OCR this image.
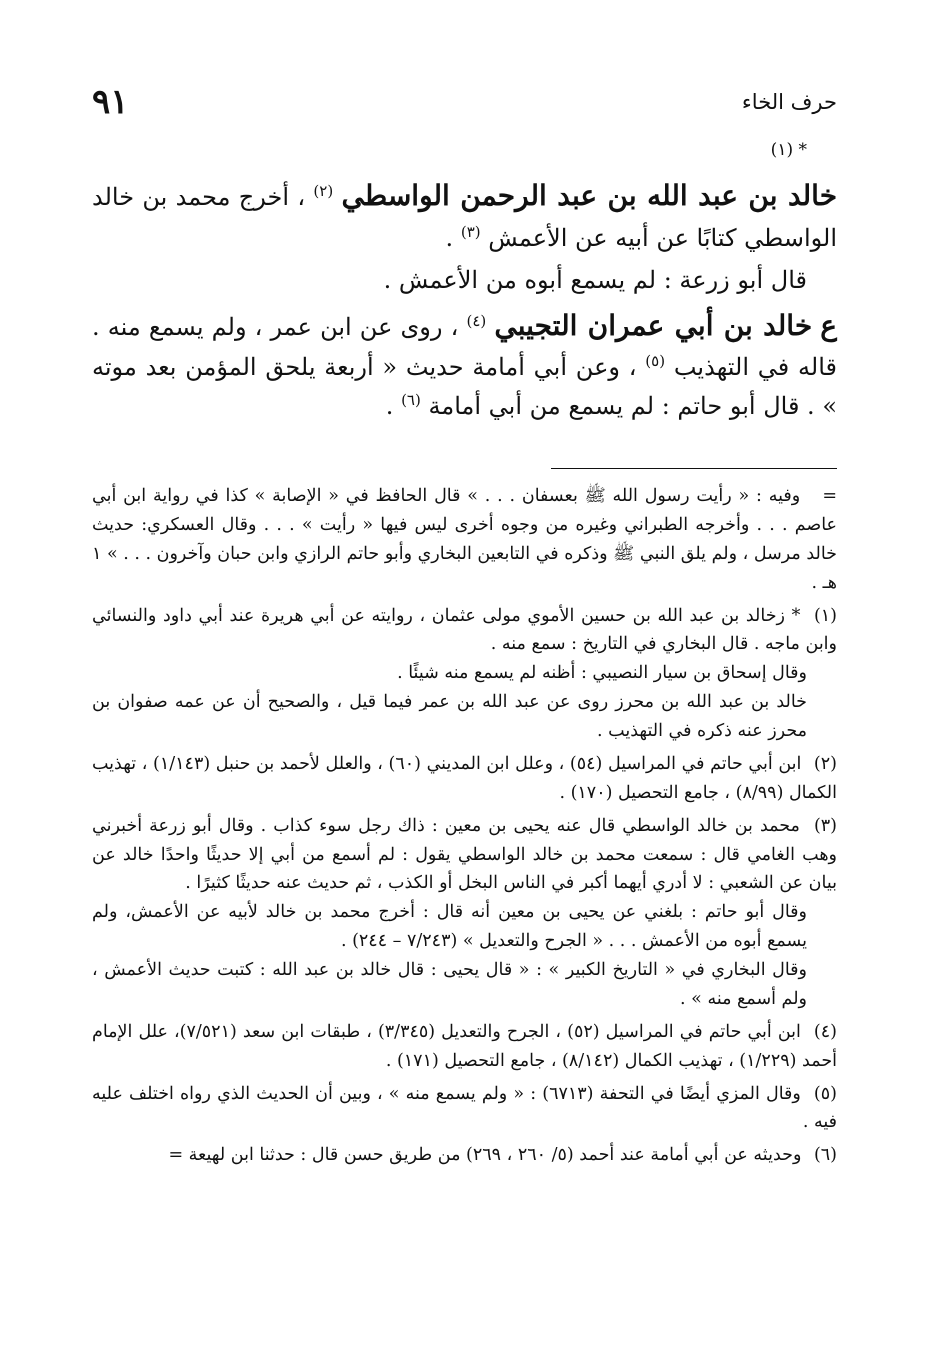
٩١	حرف الخاء
* (١)

خالد بن عبد الله بن عبد الرحمن الواسطي $^{(٢)}$ ، أخرج محمد بن خالد الواسطي كتابًا عن أبيه عن الأعمش $^{(٣)}$ .

قال أبو زرعة : لم يسمع أبوه من الأعمش .

ع خالد بن أبي عمران التجيبي $^{(٤)}$ ، روى عن ابن عمر ، ولم يسمع منه . قاله في التهذيب $^{(٥)}$ ، وعن أبي أمامة حديث « أربعة يلحق المؤمن بعد موته » . قال أبو حاتم : لم يسمع من أبي أمامة $^{(٦)}$ .

= وفيه : « رأيت رسول الله ﷺ بعسفان . . . » قال الحافظ في « الإصابة » كذا في رواية ابن أبي عاصم . . . وأخرجه الطبراني وغيره من وجوه أخرى ليس فيها « رأيت » . . . وقال العسكري: حديث خالد مرسل ، ولم يلق النبي ﷺ وذكره في التابعين البخاري وأبو حاتم الرازي وابن حبان وآخرون . . . » ١ هـ .
(١) * زخالد بن عبد الله بن حسين الأموي مولى عثمان ، روايته عن أبي هريرة عند أبي داود والنسائي وابن ماجه . قال البخاري في التاريخ : سمع منه .
وقال إسحاق بن سيار النصيبي : أظنه لم يسمع منه شيئًا .
خالد بن عبد الله بن محرز روى عن عبد الله بن عمر فيما قيل ، والصحيح أن عن عمه صفوان بن محرز عنه ذكره في التهذيب .
(٢) ابن أبي حاتم في المراسيل (٥٤) ، وعلل ابن المديني (٦٠) ، والعلل لأحمد بن حنبل (١/١٤٣) ، تهذيب الكمال (٨/٩٩) ، جامع التحصيل (١٧٠) .
(٣) محمد بن خالد الواسطي قال عنه يحيى بن معين : ذاك رجل سوء كذاب . وقال أبو زرعة أخبرني وهب الغامي قال : سمعت محمد بن خالد الواسطي يقول : لم أسمع من أبي إلا حديثًا واحدًا خالد عن بيان عن الشعبي : لا أدري أيهما أكبر في الناس البخل أو الكذب ، ثم حديث عنه حديثًا كثيرًا .
وقال أبو حاتم : بلغني عن يحيى بن معين أنه قال : أخرج محمد بن خالد لأبيه عن الأعمش، ولم يسمع أبوه من الأعمش . . . « الجرح والتعديل » (٧/٢٤٣ – ٢٤٤) .
وقال البخاري في « التاريخ الكبير » : « قال يحيى : قال خالد بن عبد الله : كتبت حديث الأعمش ، ولم أسمع منه » .
(٤) ابن أبي حاتم في المراسيل (٥٢) ، الجرح والتعديل (٣/٣٤٥) ، طبقات ابن سعد (٧/٥٢١)، علل الإمام أحمد (١/٢٢٩) ، تهذيب الكمال (٨/١٤٢) ، جامع التحصيل (١٧١) .
(٥) وقال المزي أيضًا في التحفة (٦٧١٣) : « ولم يسمع منه » ، وبين أن الحديث الذي رواه اختلف عليه فيه .
(٦) وحديثه عن أبي أمامة عند أحمد (٥/ ٢٦٠ ، ٢٦٩) من طريق حسن قال : حدثنا ابن لهيعة =
